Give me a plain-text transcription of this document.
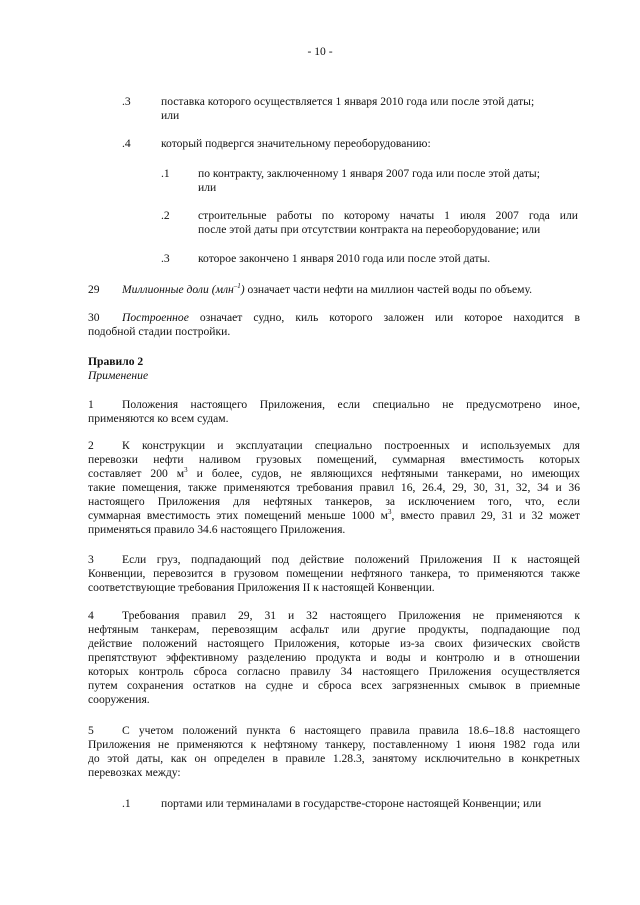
- 10 -
.3	поставка которого осуществляется 1 января 2010 года или после этой даты;
или
.4	который подвергся значительному переоборудованию:
.1 по контракту, заключенному 1 января 2007 года или после этой даты;
или
.2 строительные работы по которому начаты 1 июля 2007 года или
после этой даты при отсутствии контракта на переоборудование; или
.3 которое закончено 1 января 2010 года или после этой даты.
29 Миллионные доли (млн$^{-1}$) означает части нефти на миллион частей воды по объему.
30	Построенное означает судно, киль которого заложен или которое находится в
подобной стадии постройки.
Правило 2
Применение
1 Положения настоящего Приложения, если специально не предусмотрено иное,
применяются ко всем судам.
2 К конструкции и эксплуатации специально построенных и используемых для
перевозки нефти наливом грузовых помещений, суммарная вместимость которых
составляет 200 $м^3$ и более, судов, не являющихся нефтяными танкерами, но имеющих
такие помещения, также применяются требования правил 16, 26.4, 29, 30, 31, 32, 34 и 36
настоящего Приложения для нефтяных танкеров, за исключением того, что, если
суммарная вместимость этих помещений меньше 1000 $м^3$, вместо правил 29, 31 и 32 может
применяться правило 34.6 настоящего Приложения.
3 Если груз, подпадающий под действие положений Приложения II к настоящей
Конвенции, перевозится в грузовом помещении нефтяного танкера, то применяются также
соответствующие требования Приложения II к настоящей Конвенции.
4 Требования правил 29, 31 и 32 настоящего Приложения не применяются к
нефтяным танкерам, перевозящим асфальт или другие продукты, подпадающие под
действие положений настоящего Приложения, которые из-за своих физических свойств
препятствуют эффективному разделению продукта и воды и контролю и в отношении
которых контроль сброса согласно правилу 34 настоящего Приложения осуществляется
путем сохранения остатков на судне и сброса всех загрязненных смывок в приемные
сооружения.
5 С учетом положений пункта 6 настоящего правила правила 18.6–18.8 настоящего
Приложения не применяются к нефтяному танкеру, поставленному 1 июня 1982 года или
до этой даты, как он определен в правиле 1.28.3, занятому исключительно в конкретных
перевозках между:
.1	портами или терминалами в государстве-стороне настоящей Конвенции; или
